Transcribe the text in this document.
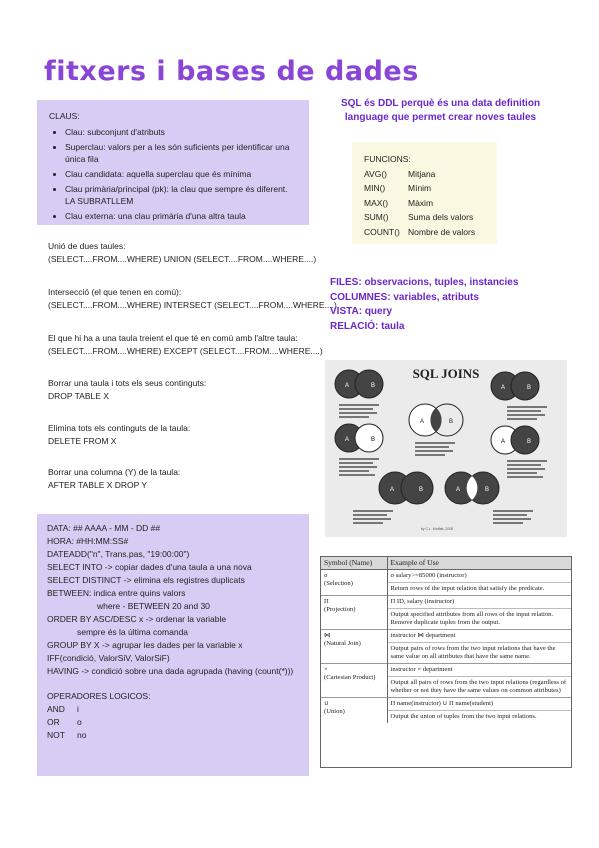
fitxers i bases de dades
CLAUS:
• Clau: subconjunt d'atributs
• Superclau: valors per a les són suficients per identificar una única fila
• Clau candidata: aquella superclau que és mínima
• Clau primària/principal (pk): la clau que sempre és diferent. LA SUBRATLLEM
• Clau externa: una clau primària d'una altra taula
Unió de dues taules:
(SELECT....FROM....WHERE) UNION (SELECT....FROM....WHERE....)
Intersecció (el que tenen en comú):
(SELECT....FROM....WHERE) INTERSECT (SELECT....FROM....WHERE....)
El que hi ha a una taula treient el que té en comú amb l'altre taula:
(SELECT....FROM....WHERE) EXCEPT (SELECT....FROM....WHERE....)
Borrar una taula i tots els seus continguts:
DROP TABLE X
Elimina tots els continguts de la taula:
DELETE FROM X
Borrar una columna (Y) de la taula:
AFTER TABLE X DROP Y
SQL és DDL perquè és una data definition language que permet crear noves taules
FUNCIONS:
AVG()	Mitjana
MIN()	Mínim
MAX()	Màxim
SUM()	Suma dels valors
COUNT() Nombre de valors
FILES: observacions, tuples, instancies
COLUMNES: variables, atributs
VISTA: query
RELACIÓ: taula
SQL JOINS
A	B	A	B
A	B
A	B	A	B
A	B	A	B
by C.L. Moffatt, 2008
DATA: ## AAAA - MM - DD ##
HORA: #HH:MM:SS#
DATEADD("n", Trans.pas, "19:00:00")
SELECT INTO -> copiar dades d'una taula a una nova
SELECT DISTINCT -> elimina els registres duplicats
BETWEEN: indica entre quins valors
where - BETWEEN 20 and 30
ORDER BY ASC/DESC x -> ordenar la variable
sempre és la última comanda
GROUP BY X -> agrupar les dades per la variable x
IFF(condició, ValorSiV, ValorSiF)
HAVING -> condició sobre una dada agrupada (having (count(*)))
OPERADORES LOGICOS:
AND	i
OR	o
NOT	no
Symbol (Name)	Example of Use

σ
(Selection)	σ salary>=85000 (instructor)
	Return rows of the input relation that satisfy the predicate.

Π
(Projection)	Π ID, salary (instructor)
	Output specified attributes from all rows of the input relation. Remove duplicate tuples from the output.

⋈
(Natural Join)	instructor ⋈ department
	Output pairs of rows from the two input relations that have the same value on all attributes that have the same name.

×
(Cartesian Product)	instructor × department
	Output all pairs of rows from the two input relations (regardless of whether or not they have the same values on common attributes)

∪
(Union)	Π name(instructor) ∪ Π name(student)
	Output the union of tuples from the two input relations.
